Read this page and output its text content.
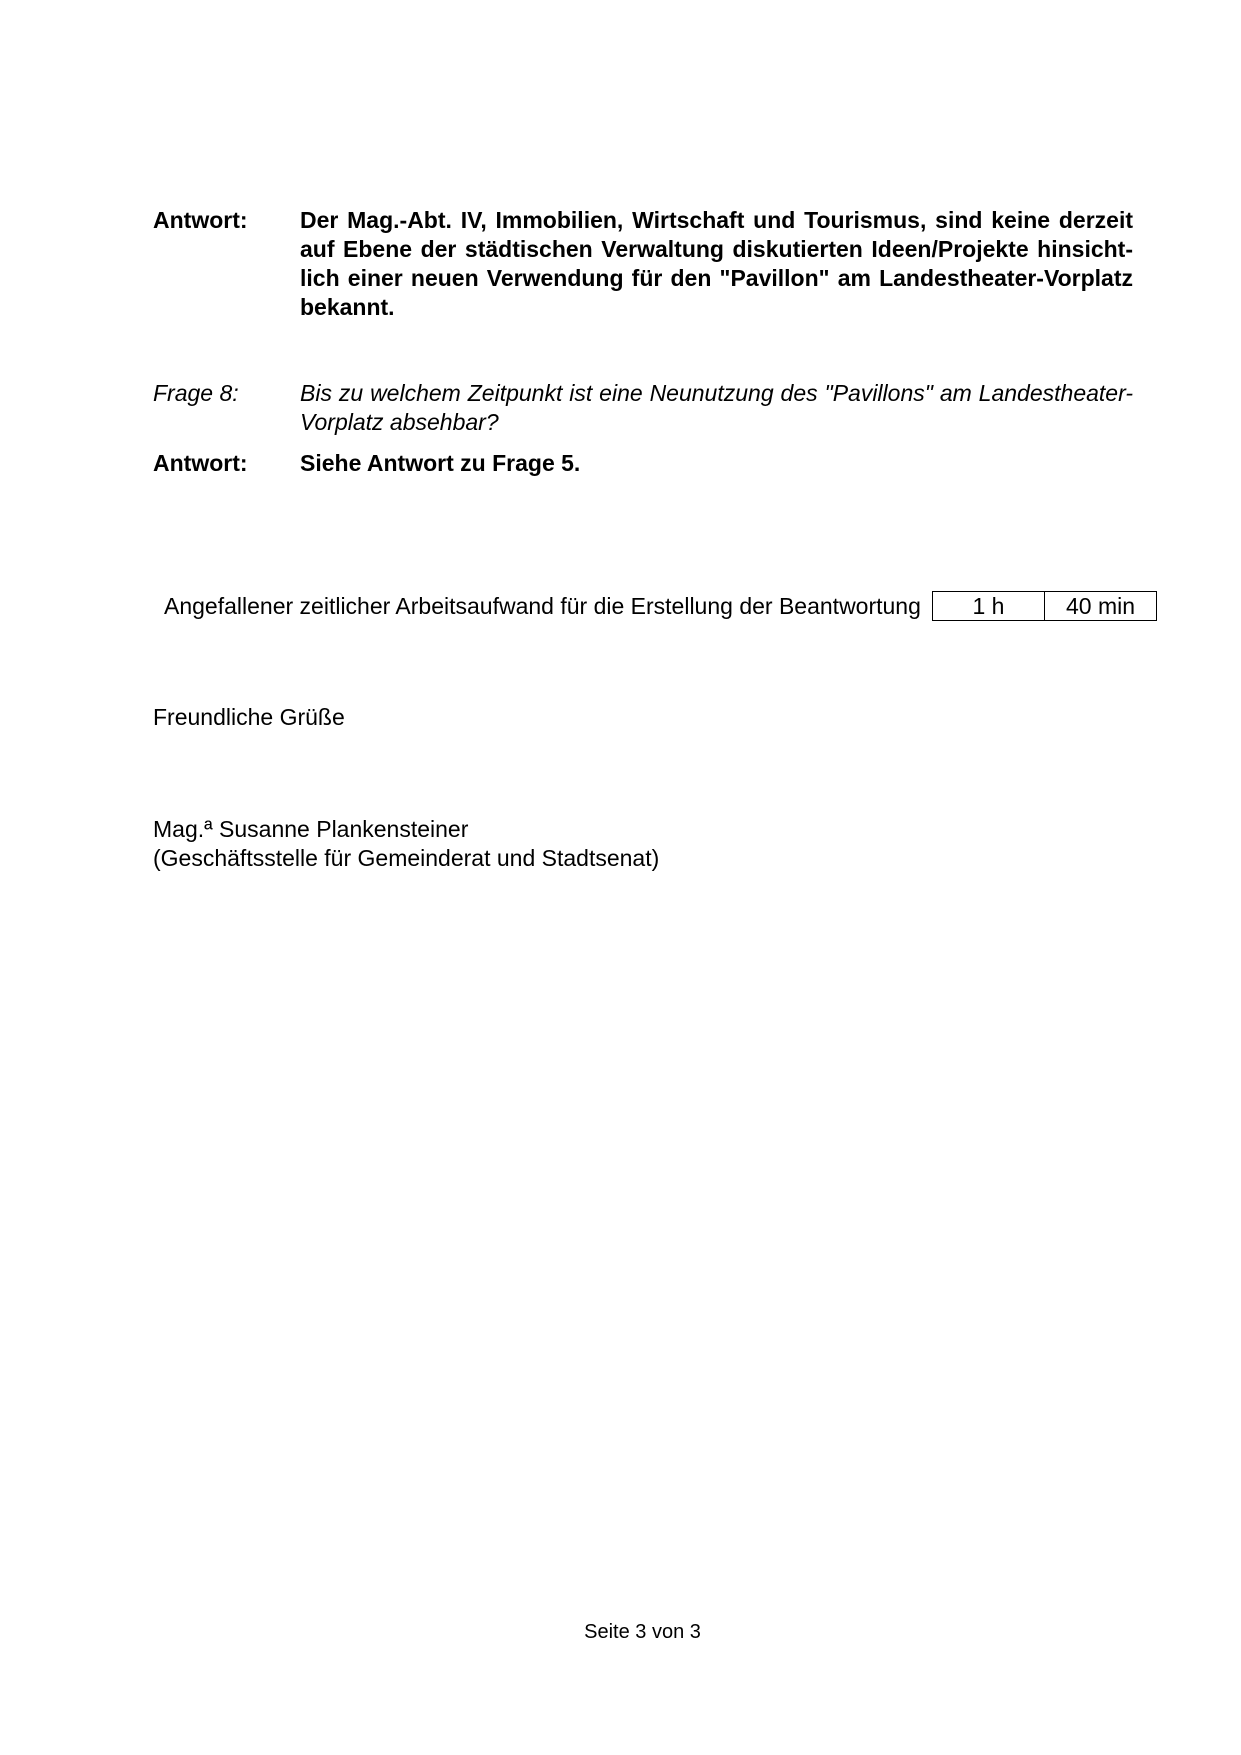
Antwort:	Der Mag.-Abt. IV, Immobilien, Wirtschaft und Tourismus, sind keine derzeit auf Ebene der städtischen Verwaltung diskutierten Ideen/Projekte hinsicht-lich einer neuen Verwendung für den "Pavillon" am Landestheater-Vorplatz bekannt.
Frage 8:	Bis zu welchem Zeitpunkt ist eine Neunutzung des "Pavillons" am Landestheater-Vorplatz absehbar?
Antwort:	Siehe Antwort zu Frage 5.
Angefallener zeitlicher Arbeitsaufwand für die Erstellung der Beantwortung	1 h	40 min
Freundliche Grüße
Mag.ª Susanne Plankensteiner
(Geschäftsstelle für Gemeinderat und Stadtsenat)
Seite 3 von 3
